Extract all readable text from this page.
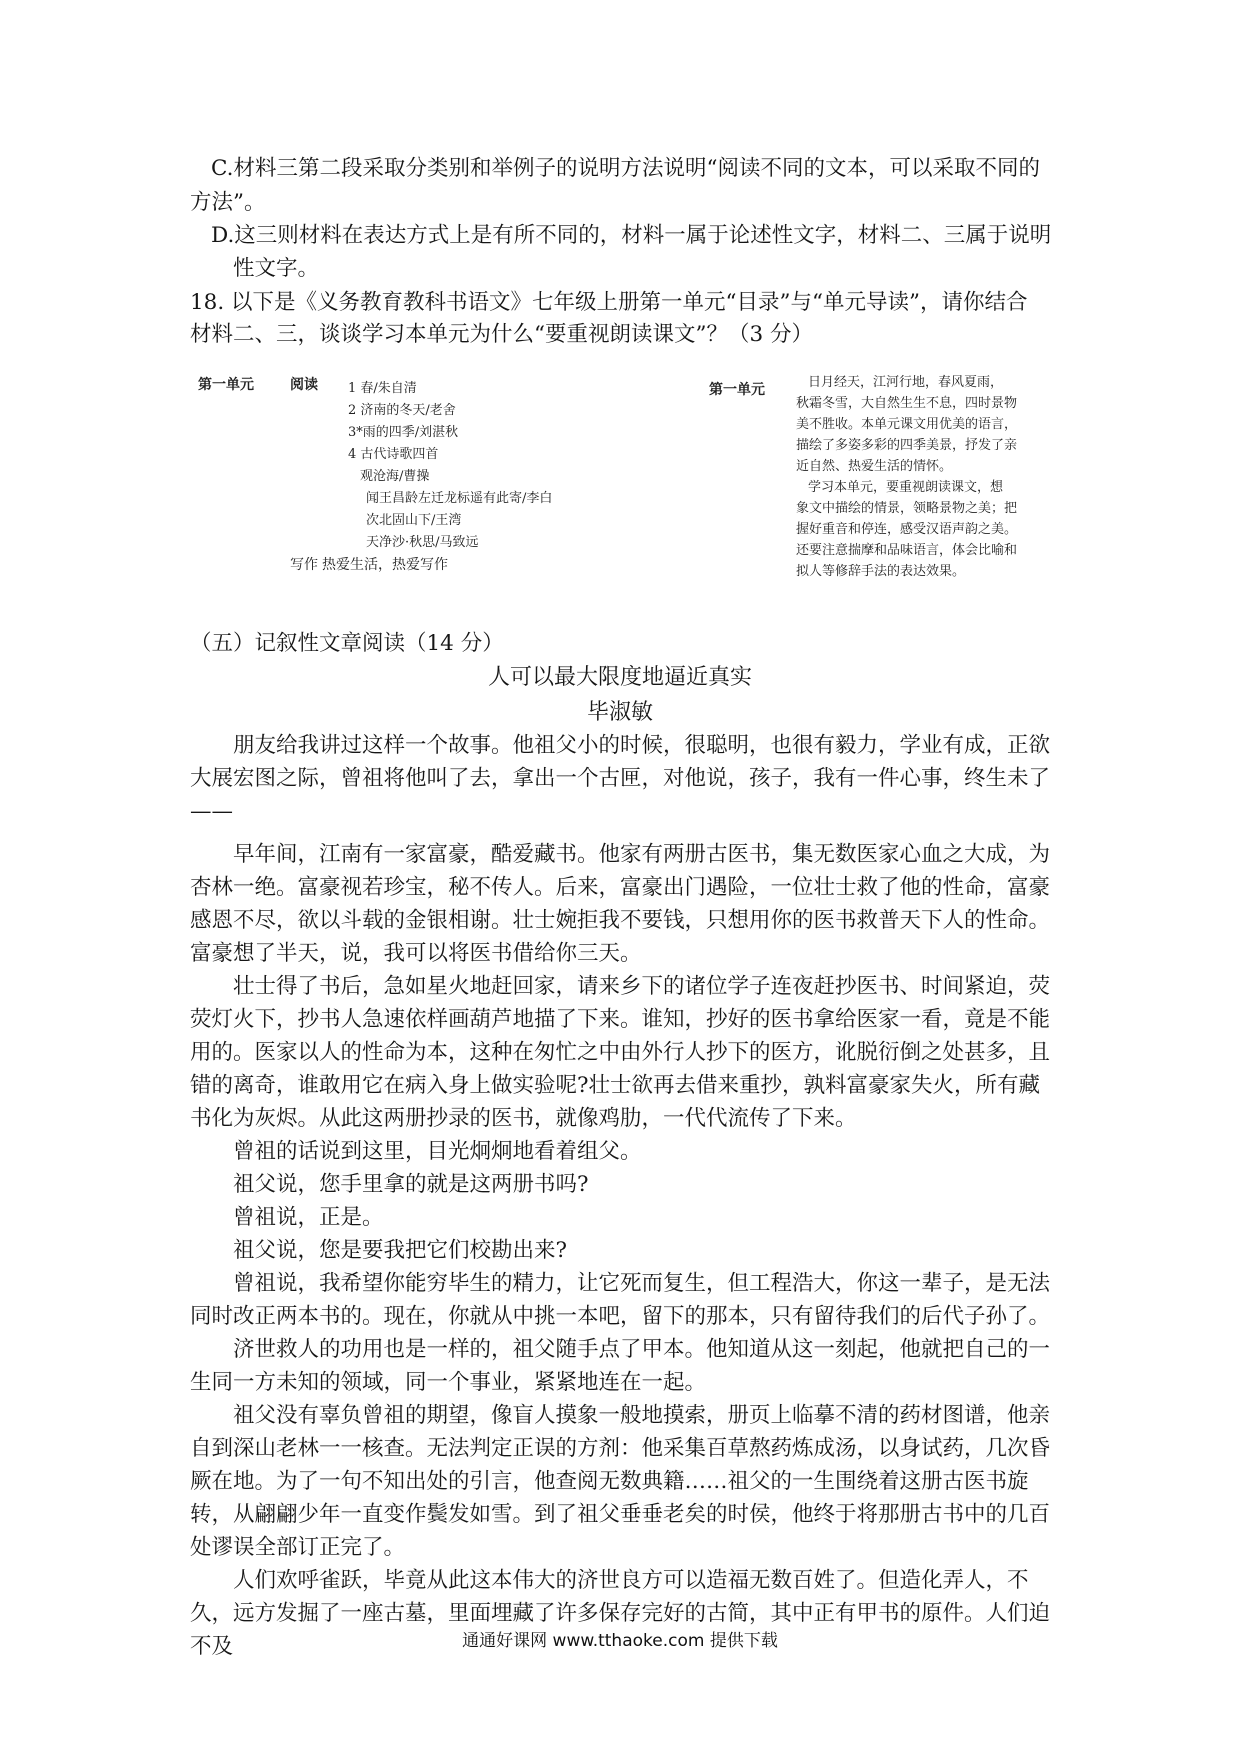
C.材料三第二段采取分类别和举例子的说明方法说明“阅读不同的文本，可以采取不同的

方法”。

D.这三则材料在表达方式上是有所不同的，材料一属于论述性文字，材料二、三属于说明

性文字。

18. 以下是《义务教育教科书语文》七年级上册第一单元“目录”与“单元导读”，请你结合

材料二、三，谈谈学习本单元为什么“要重视朗读课文”？（3 分）

第一单元	阅读 1 春/朱自清
2 济南的冬天/老舍
3*雨的四季/刘湛秋
4 古代诗歌四首
观沧海/曹操
闻王昌龄左迁龙标遥有此寄/李白
次北固山下/王湾
天净沙·秋思/马致远
写作 热爱生活，热爱写作
第一单元	日月经天，江河行地，春风夏雨，
秋霜冬雪，大自然生生不息，四时景物
美不胜收。本单元课文用优美的语言，
描绘了多姿多彩的四季美景，抒发了亲
近自然、热爱生活的情怀。
学习本单元，要重视朗读课文，想
象文中描绘的情景，领略景物之美；把
握好重音和停连，感受汉语声韵之美。
还要注意揣摩和品味语言，体会比喻和
拟人等修辞手法的表达效果。

（五）记叙性文章阅读（14 分）

人可以最大限度地逼近真实
毕淑敏

朋友给我讲过这样一个故事。他祖父小的时候，很聪明，也很有毅力，学业有成，正欲大展宏图之际，曾祖将他叫了去，拿出一个古匣，对他说，孩子，我有一件心事，终生未了——

早年间，江南有一家富豪，酷爱藏书。他家有两册古医书，集无数医家心血之大成，为杏林一绝。富豪视若珍宝，秘不传人。后来，富豪出门遇险，一位壮士救了他的性命，富豪感恩不尽，欲以斗载的金银相谢。壮士婉拒我不要钱，只想用你的医书救普天下人的性命。富豪想了半天，说，我可以将医书借给你三天。

壮士得了书后，急如星火地赶回家，请来乡下的诸位学子连夜赶抄医书、时间紧迫，荧荧灯火下，抄书人急速依样画葫芦地描了下来。谁知，抄好的医书拿给医家一看，竟是不能用的。医家以人的性命为本，这种在匆忙之中由外行人抄下的医方，讹脱衍倒之处甚多，且错的离奇，谁敢用它在病入身上做实验呢?壮士欲再去借来重抄，孰料富豪家失火，所有藏书化为灰烬。从此这两册抄录的医书，就像鸡肋，一代代流传了下来。

曾祖的话说到这里，目光炯炯地看着组父。

祖父说，您手里拿的就是这两册书吗?

曾祖说，正是。

祖父说，您是要我把它们校勘出来?

曾祖说，我希望你能穷毕生的精力，让它死而复生，但工程浩大，你这一辈子，是无法同时改正两本书的。现在，你就从中挑一本吧，留下的那本，只有留待我们的后代子孙了。

济世救人的功用也是一样的，祖父随手点了甲本。他知道从这一刻起，他就把自己的一生同一方未知的领域，同一个事业，紧紧地连在一起。

祖父没有辜负曾祖的期望，像盲人摸象一般地摸索，册页上临摹不清的药材图谱，他亲自到深山老林一一核查。无法判定正误的方剂：他采集百草熬药炼成汤，以身试药，几次昏厥在地。为了一句不知出处的引言，他查阅无数典籍……祖父的一生围绕着这册古医书旋转，从翩翩少年一直变作鬓发如雪。到了祖父垂垂老矣的时侯，他终于将那册古书中的几百处谬误全部订正完了。

人们欢呼雀跃，毕竟从此这本伟大的济世良方可以造福无数百姓了。但造化弄人，不久，远方发掘了一座古墓，里面埋藏了许多保存完好的古简，其中正有甲书的原件。人们迫不及	通通好课网 www.tthaoke.com 提供下载
